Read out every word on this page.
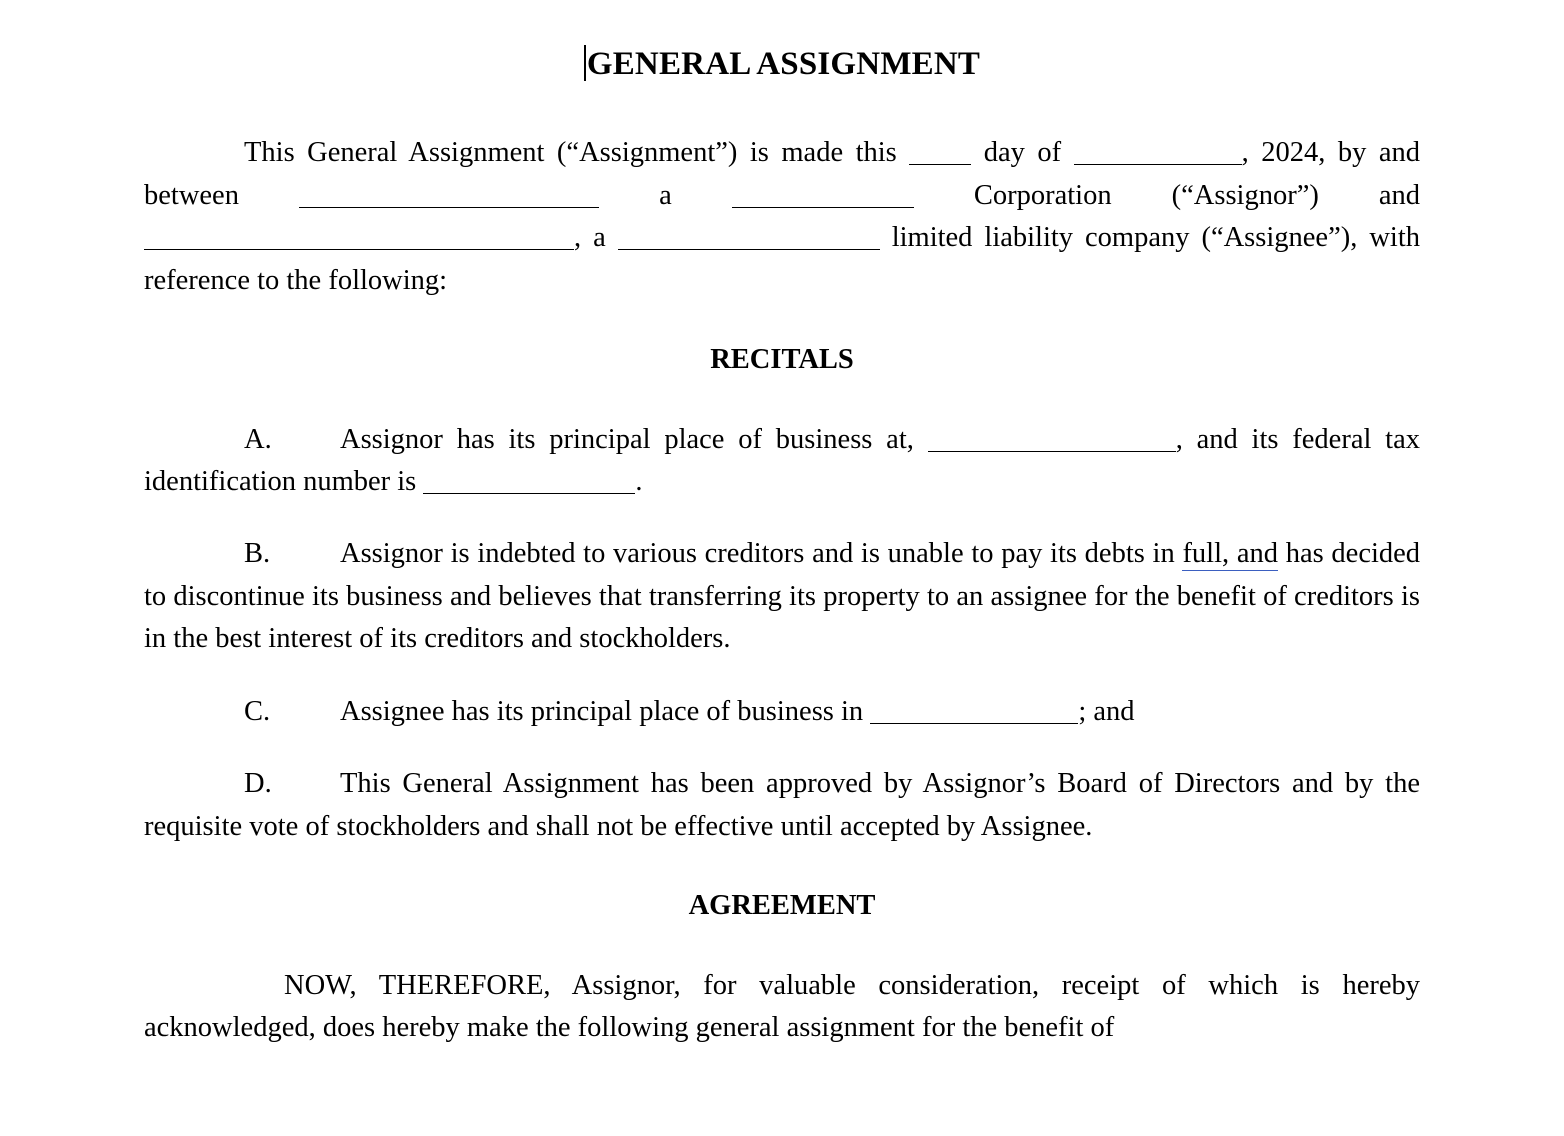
GENERAL ASSIGNMENT

This General Assignment (“Assignment”) is made this	day of	, 2024, by and between	a	Corporation (“Assignor”) and , a	limited liability company (“Assignee”), with reference to the following:

RECITALS

A. Assignor has its principal place of business at,	, and its federal tax identification number is	.

B. Assignor is indebted to various creditors and is unable to pay its debts in full, and has decided to discontinue its business and believes that transferring its property to an assignee for the benefit of creditors is in the best interest of its creditors and stockholders.

C. Assignee has its principal place of business in	; and

D. This General Assignment has been approved by Assignor’s Board of Directors and by the requisite vote of stockholders and shall not be effective until accepted by Assignee.

AGREEMENT

NOW, THEREFORE, Assignor, for valuable consideration, receipt of which is hereby acknowledged, does hereby make the following general assignment for the benefit of
